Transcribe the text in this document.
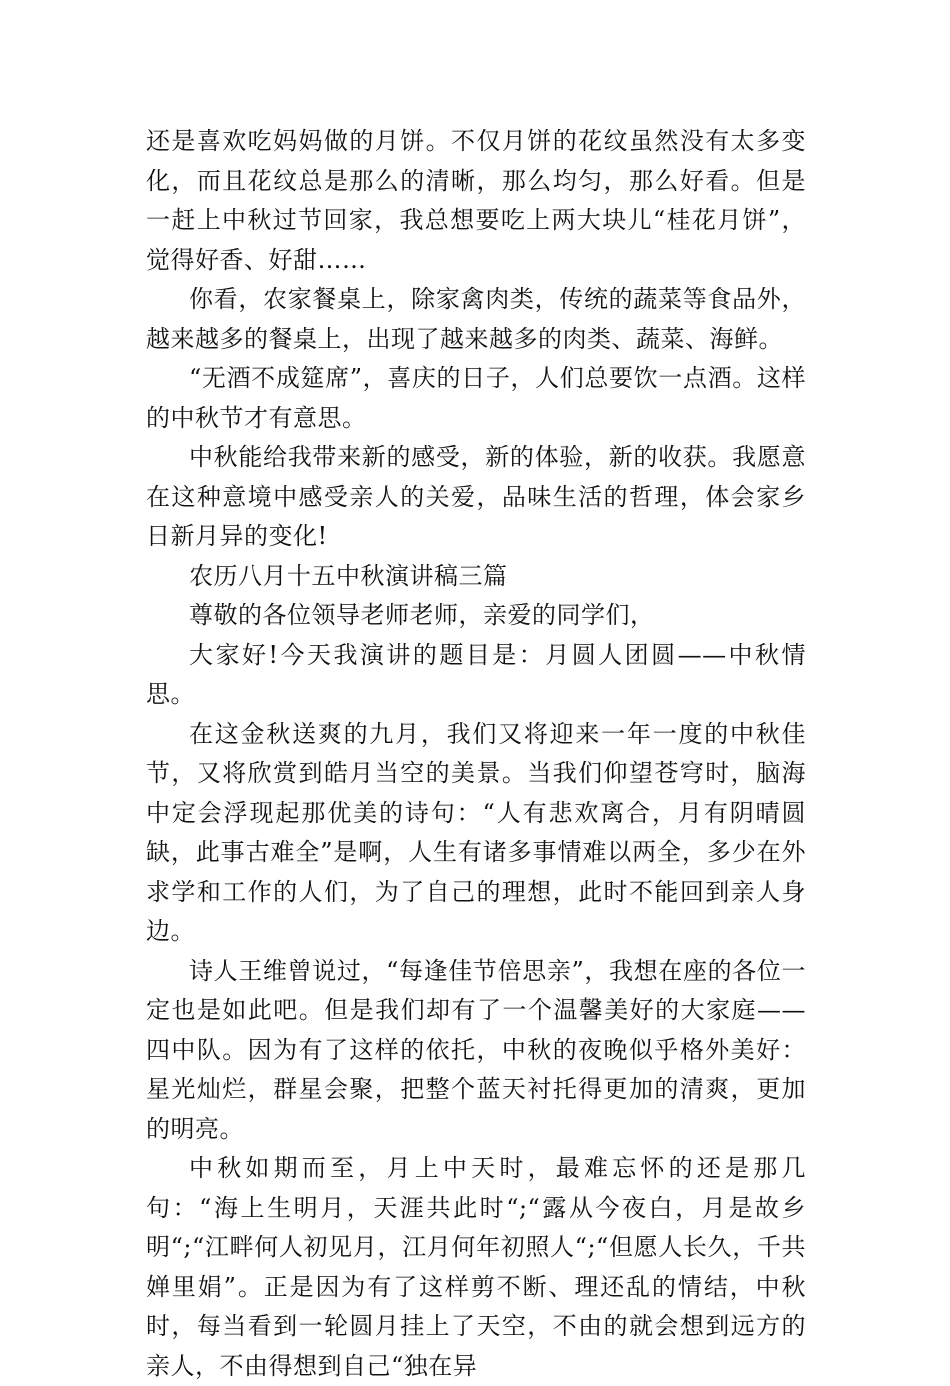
还是喜欢吃妈妈做的月饼。不仅月饼的花纹虽然没有太多变化，而且花纹总是那么的清晰，那么均匀，那么好看。但是一赶上中秋过节回家，我总想要吃上两大块儿“桂花月饼”，觉得好香、好甜……

你看，农家餐桌上，除家禽肉类，传统的蔬菜等食品外，越来越多的餐桌上，出现了越来越多的肉类、蔬菜、海鲜。

“无酒不成筵席”，喜庆的日子，人们总要饮一点酒。这样的中秋节才有意思。

中秋能给我带来新的感受，新的体验，新的收获。我愿意在这种意境中感受亲人的关爱，品味生活的哲理，体会家乡日新月异的变化!

农历八月十五中秋演讲稿三篇

尊敬的各位领导老师老师，亲爱的同学们，

大家好!今天我演讲的题目是：月圆人团圆——中秋情思。

在这金秋送爽的九月，我们又将迎来一年一度的中秋佳节，又将欣赏到皓月当空的美景。当我们仰望苍穹时，脑海中定会浮现起那优美的诗句：“人有悲欢离合，月有阴晴圆缺，此事古难全”是啊，人生有诸多事情难以两全，多少在外求学和工作的人们，为了自己的理想，此时不能回到亲人身边。

诗人王维曾说过，“每逢佳节倍思亲”，我想在座的各位一定也是如此吧。但是我们却有了一个温馨美好的大家庭——四中队。因为有了这样的依托，中秋的夜晚似乎格外美好：星光灿烂，群星会聚，把整个蓝天衬托得更加的清爽，更加的明亮。

中秋如期而至，月上中天时，最难忘怀的还是那几句：“海上生明月，天涯共此时“;“露从今夜白，月是故乡明“;“江畔何人初见月，江月何年初照人“;“但愿人长久，千共婵里娟”。正是因为有了这样剪不断、理还乱的情结，中秋时，每当看到一轮圆月挂上了天空，不由的就会想到远方的亲人，不由得想到自己“独在异
